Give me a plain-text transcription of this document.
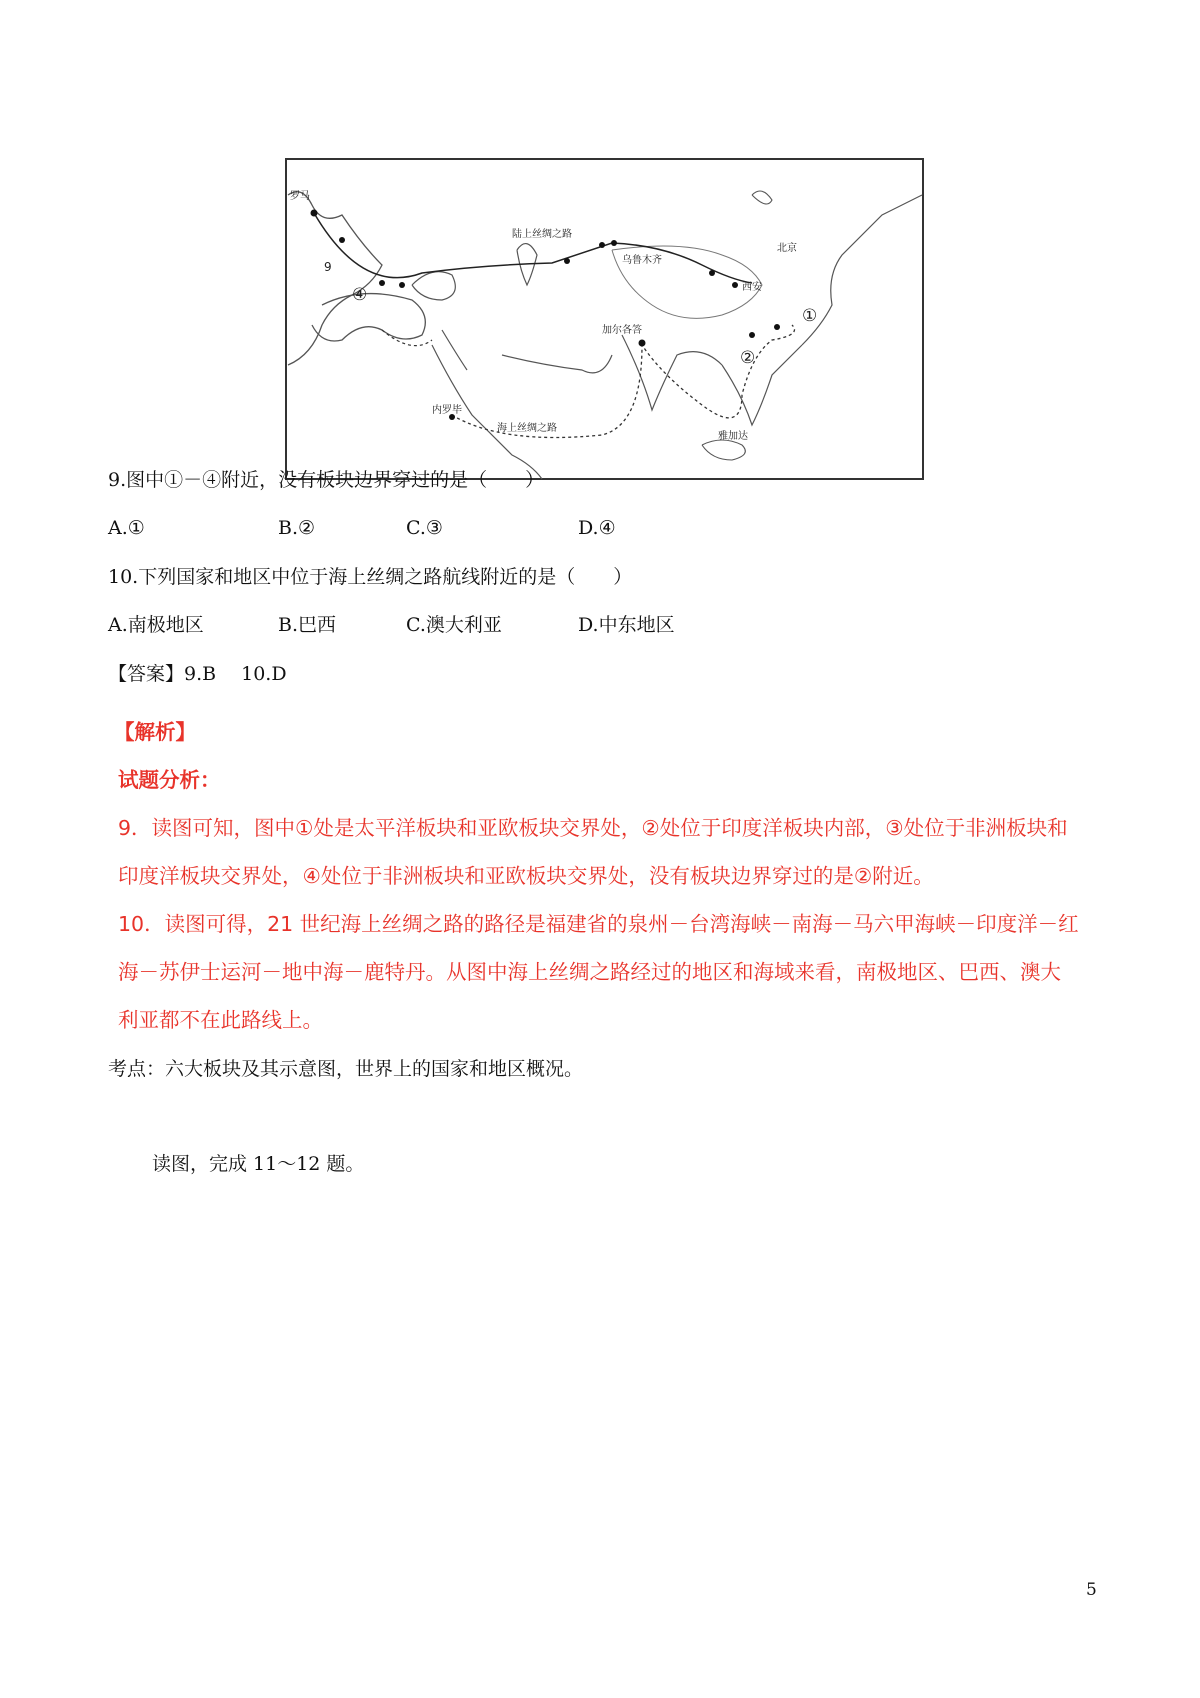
罗马
陆上丝绸之路
乌鲁木齐
北京
西安
加尔各答
内罗毕
海上丝绸之路
雅加达
9
①
②
④
9.图中①－④附近，没有板块边界穿过的是（　　）
A.①	B.②	C.③	D.④
10.下列国家和地区中位于海上丝绸之路航线附近的是（　　）
A.南极地区	B.巴西	C.澳大利亚	D.中东地区
【答案】9.B　 10.D
【解析】
试题分析：
9．读图可知，图中①处是太平洋板块和亚欧板块交界处，②处位于印度洋板块内部，③处位于非洲板块和
印度洋板块交界处，④处位于非洲板块和亚欧板块交界处，没有板块边界穿过的是②附近。
10．读图可得，21 世纪海上丝绸之路的路径是福建省的泉州－台湾海峡－南海－马六甲海峡－印度洋－红
海－苏伊士运河－地中海－鹿特丹。从图中海上丝绸之路经过的地区和海域来看，南极地区、巴西、澳大
利亚都不在此路线上。
考点：六大板块及其示意图，世界上的国家和地区概况。
读图，完成 11～12 题。
5
